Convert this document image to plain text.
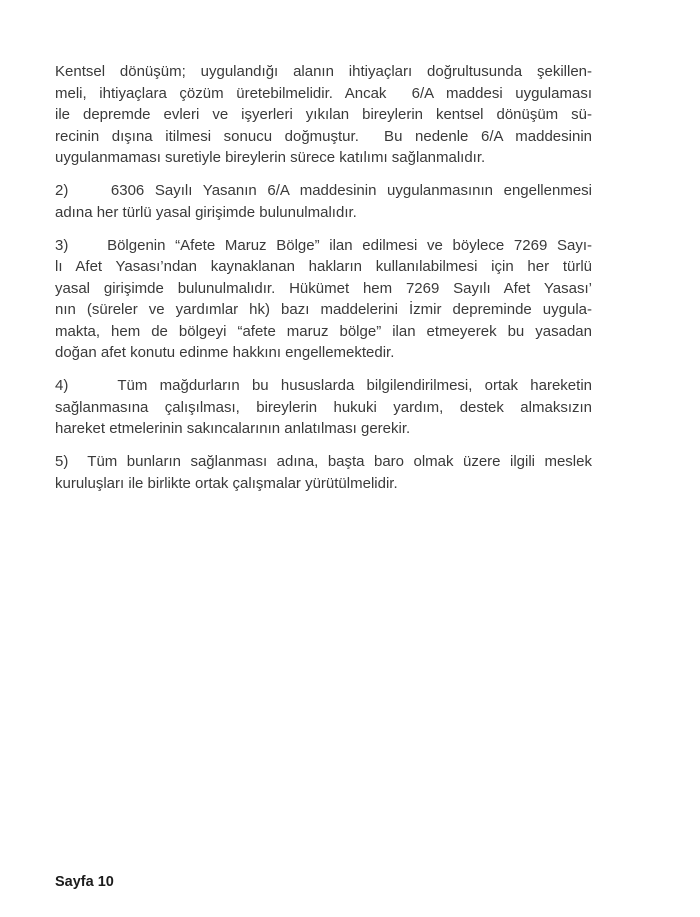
Kentsel dönüşüm; uygulandığı alanın ihtiyaçları doğrultusunda şekillen-
meli, ihtiyaçlara çözüm üretebilmelidir. Ancak  6/A maddesi uygulaması
ile depremde evleri ve işyerleri yıkılan bireylerin kentsel dönüşüm sü-
recinin dışına itilmesi sonucu doğmuştur.  Bu nedenle 6/A maddesinin
uygulanmaması suretiyle bireylerin sürece katılımı sağlanmalıdır.

2)    6306 Sayılı Yasanın 6/A maddesinin uygulanmasının engellenmesi
adına her türlü yasal girişimde bulunulmalıdır.

3)    Bölgenin “Afete Maruz Bölge” ilan edilmesi ve böylece 7269 Sayı-
lı Afet Yasası’ndan kaynaklanan hakların kullanılabilmesi için her türlü
yasal girişimde bulunulmalıdır. Hükümet hem 7269 Sayılı Afet Yasası’
nın (süreler ve yardımlar hk) bazı maddelerini İzmir depreminde uygula-
makta, hem de bölgeyi “afete maruz bölge” ilan etmeyerek bu yasadan
doğan afet konutu edinme hakkını engellemektedir.

4)    Tüm mağdurların bu hususlarda bilgilendirilmesi, ortak hareketin
sağlanmasına  çalışılması,  bireylerin  hukuki  yardım,  destek  almaksızın
hareket etmelerinin sakıncalarının anlatılması gerekir.

5)  Tüm bunların sağlanması adına, başta baro olmak üzere ilgili meslek
kuruluşları ile birlikte ortak çalışmalar yürütülmelidir.

Sayfa 10
